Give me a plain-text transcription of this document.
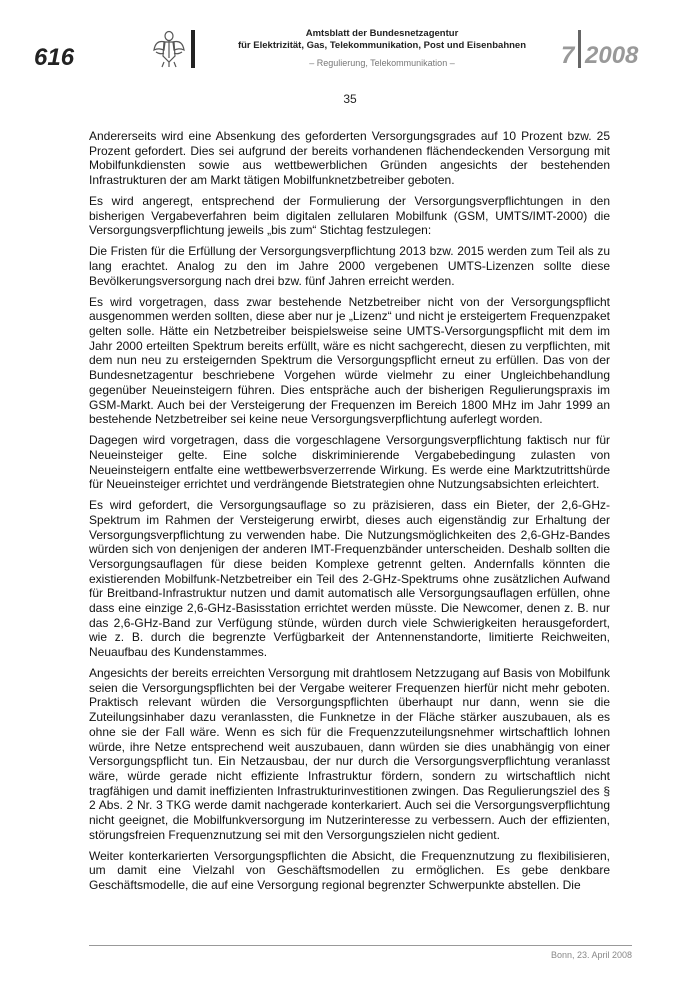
616
Amtsblatt der Bundesnetzagentur
für Elektrizität, Gas, Telekommunikation, Post und Eisenbahnen
– Regulierung, Telekommunikation –	7 2008
35

Andererseits wird eine Absenkung des geforderten Versorgungsgrades auf 10 Prozent bzw. 25 Prozent gefordert. Dies sei aufgrund der bereits vorhandenen flächendeckenden Versorgung mit Mobilfunkdiensten sowie aus wettbewerblichen Gründen angesichts der bestehenden Infrastrukturen der am Markt tätigen Mobilfunknetzbetreiber geboten.

Es wird angeregt, entsprechend der Formulierung der Versorgungsverpflichtungen in den bisherigen Vergabeverfahren beim digitalen zellularen Mobilfunk (GSM, UMTS/IMT-2000) die Versorgungsverpflichtung jeweils „bis zum“ Stichtag festzulegen:

Die Fristen für die Erfüllung der Versorgungsverpflichtung 2013 bzw. 2015 werden zum Teil als zu lang erachtet. Analog zu den im Jahre 2000 vergebenen UMTS-Lizenzen sollte diese Bevölkerungsversorgung nach drei bzw. fünf Jahren erreicht werden.

Es wird vorgetragen, dass zwar bestehende Netzbetreiber nicht von der Versorgungspflicht ausgenommen werden sollten, diese aber nur je „Lizenz“ und nicht je ersteigertem Frequenzpaket gelten solle. Hätte ein Netzbetreiber beispielsweise seine UMTS-Versorgungspflicht mit dem im Jahr 2000 erteilten Spektrum bereits erfüllt, wäre es nicht sachgerecht, diesen zu verpflichten, mit dem nun neu zu ersteigernden Spektrum die Versorgungspflicht erneut zu erfüllen. Das von der Bundesnetzagentur beschriebene Vorgehen würde vielmehr zu einer Ungleichbehandlung gegenüber Neueinsteigern führen. Dies entspräche auch der bisherigen Regulierungspraxis im GSM-Markt. Auch bei der Versteigerung der Frequenzen im Bereich 1800 MHz im Jahr 1999 an bestehende Netzbetreiber sei keine neue Versorgungsverpflichtung auferlegt worden.

Dagegen wird vorgetragen, dass die vorgeschlagene Versorgungsverpflichtung faktisch nur für Neueinsteiger gelte. Eine solche diskriminierende Vergabebedingung zulasten von Neueinsteigern entfalte eine wettbewerbsverzerrende Wirkung. Es werde eine Marktzutrittshürde für Neueinsteiger errichtet und verdrängende Bietstrategien ohne Nutzungsabsichten erleichtert.

Es wird gefordert, die Versorgungsauflage so zu präzisieren, dass ein Bieter, der 2,6-GHz-Spektrum im Rahmen der Versteigerung erwirbt, dieses auch eigenständig zur Erhaltung der Versorgungsverpflichtung zu verwenden habe. Die Nutzungsmöglichkeiten des 2,6-GHz-Bandes würden sich von denjenigen der anderen IMT-Frequenzbänder unterscheiden. Deshalb sollten die Versorgungsauflagen für diese beiden Komplexe getrennt gelten. Andernfalls könnten die existierenden Mobilfunk-Netzbetreiber ein Teil des 2-GHz-Spektrums ohne zusätzlichen Aufwand für Breitband-Infrastruktur nutzen und damit automatisch alle Versorgungsauflagen erfüllen, ohne dass eine einzige 2,6-GHz-Basisstation errichtet werden müsste. Die Newcomer, denen z. B. nur das 2,6-GHz-Band zur Verfügung stünde, würden durch viele Schwierigkeiten herausgefordert, wie z. B. durch die begrenzte Verfügbarkeit der Antennenstandorte, limitierte Reichweiten, Neuaufbau des Kundenstammes.

Angesichts der bereits erreichten Versorgung mit drahtlosem Netzzugang auf Basis von Mobilfunk seien die Versorgungspflichten bei der Vergabe weiterer Frequenzen hierfür nicht mehr geboten. Praktisch relevant würden die Versorgungspflichten überhaupt nur dann, wenn sie die Zuteilungsinhaber dazu veranlassten, die Funknetze in der Fläche stärker auszubauen, als es ohne sie der Fall wäre. Wenn es sich für die Frequenzzuteilungsnehmer wirtschaftlich lohnen würde, ihre Netze entsprechend weit auszubauen, dann würden sie dies unabhängig von einer Versorgungspflicht tun. Ein Netzausbau, der nur durch die Versorgungsverpflichtung veranlasst wäre, würde gerade nicht effiziente Infrastruktur fördern, sondern zu wirtschaftlich nicht tragfähigen und damit ineffizienten Infrastrukturinvestitionen zwingen. Das Regulierungsziel des § 2 Abs. 2 Nr. 3 TKG werde damit nachgerade konterkariert. Auch sei die Versorgungsverpflichtung nicht geeignet, die Mobilfunkversorgung im Nutzerinteresse zu verbessern. Auch der effizienten, störungsfreien Frequenznutzung sei mit den Versorgungszielen nicht gedient.

Weiter konterkarierten Versorgungspflichten die Absicht, die Frequenznutzung zu flexibilisieren, um damit eine Vielzahl von Geschäftsmodellen zu ermöglichen. Es gebe denkbare Geschäftsmodelle, die auf eine Versorgung regional begrenzter Schwerpunkte abstellen. Die

Bonn, 23. April 2008
